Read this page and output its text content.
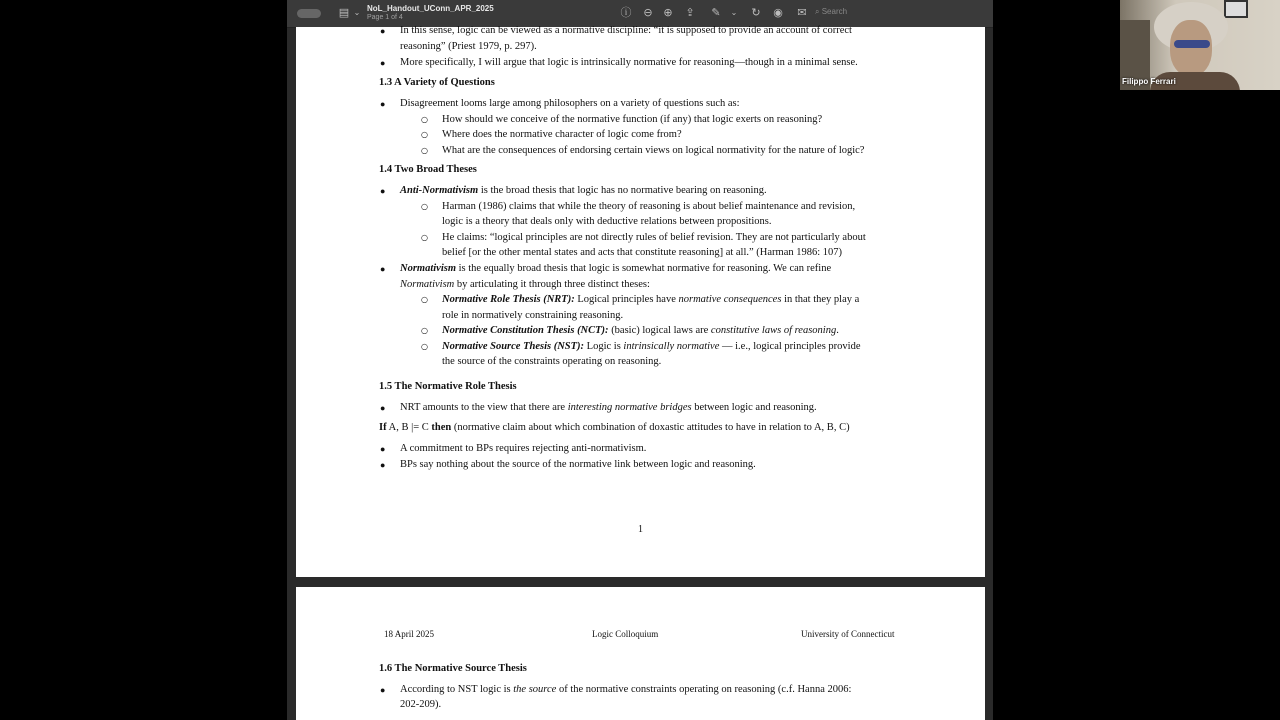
▤ ⌄ NoL_Handout_UConn_APR_2025
Page 1 of 4	ⓘ ⊖ ⊕ ⇪ ✎	⌄	↻ ◉ ✉ ⌕ Search
● In this sense, logic can be viewed as a normative discipline: “it is supposed to provide an account of correct
reasoning” (Priest 1979, p. 297).
● More specifically, I will argue that logic is intrinsically normative for reasoning—though in a minimal sense.
1.3 A Variety of Questions
● Disagreement looms large among philosophers on a variety of questions such as:
○ How should we conceive of the normative function (if any) that logic exerts on reasoning?
○ Where does the normative character of logic come from?
○ What are the consequences of endorsing certain views on logical normativity for the nature of logic?
1.4 Two Broad Theses
● Anti-Normativism is the broad thesis that logic has no normative bearing on reasoning.
○ Harman (1986) claims that while the theory of reasoning is about belief maintenance and revision,
logic is a theory that deals only with deductive relations between propositions.
○ He claims: “logical principles are not directly rules of belief revision. They are not particularly about
belief [or the other mental states and acts that constitute reasoning] at all.” (Harman 1986: 107)
● Normativism is the equally broad thesis that logic is somewhat normative for reasoning. We can refine
Normativism by articulating it through three distinct theses:
○ Normative Role Thesis (NRT): Logical principles have normative consequences in that they play a
role in normatively constraining reasoning.
○ Normative Constitution Thesis (NCT): (basic) logical laws are constitutive laws of reasoning.
○ Normative Source Thesis (NST): Logic is intrinsically normative — i.e., logical principles provide
the source of the constraints operating on reasoning.
1.5 The Normative Role Thesis
● NRT amounts to the view that there are interesting normative bridges between logic and reasoning.
If A, B |= C then (normative claim about which combination of doxastic attitudes to have in relation to A, B, C)
● A commitment to BPs requires rejecting anti-normativism.
● BPs say nothing about the source of the normative link between logic and reasoning.
1
18 April 2025	Logic Colloquium	University of Connecticut
1.6 The Normative Source Thesis
● According to NST logic is the source of the normative constraints operating on reasoning (c.f. Hanna 2006:
202-209).
Filippo Ferrari
